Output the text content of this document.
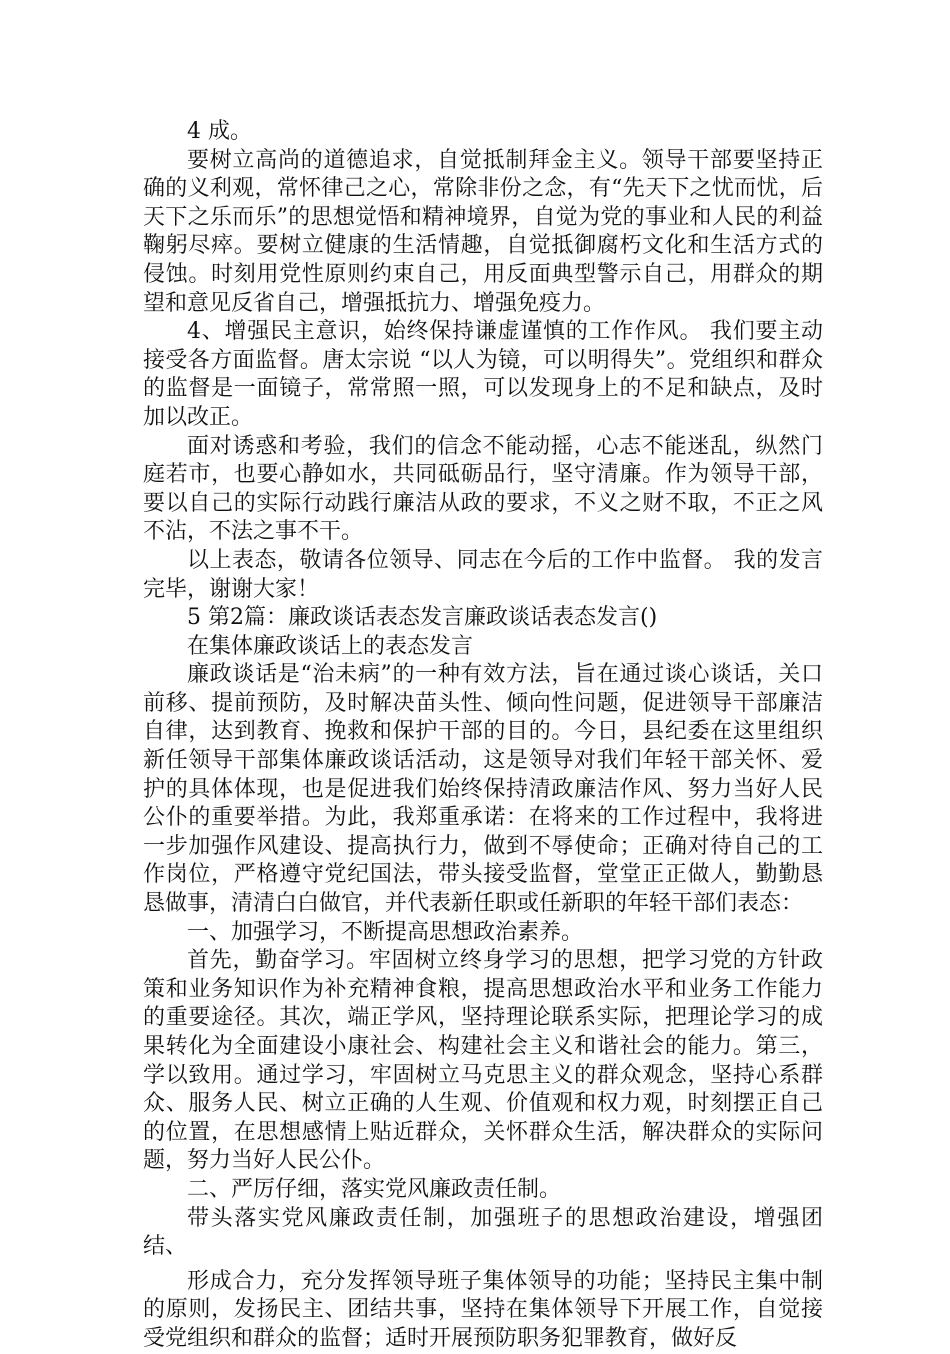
4 成。

要树立高尚的道德追求，自觉抵制拜金主义。领导干部要坚持正确的义利观，常怀律己之心，常除非份之念，有“先天下之忧而忧，后天下之乐而乐”的思想觉悟和精神境界，自觉为党的事业和人民的利益鞠躬尽瘁。要树立健康的生活情趣，自觉抵御腐朽文化和生活方式的侵蚀。时刻用党性原则约束自己，用反面典型警示自己，用群众的期望和意见反省自己，增强抵抗力、增强免疫力。

4、增强民主意识，始终保持谦虚谨慎的工作作风。 我们要主动接受各方面监督。唐太宗说 “以人为镜，可以明得失”。党组织和群众的监督是一面镜子，常常照一照，可以发现身上的不足和缺点，及时加以改正。

面对诱惑和考验，我们的信念不能动摇，心志不能迷乱，纵然门庭若市，也要心静如水，共同砥砺品行，坚守清廉。作为领导干部，要以自己的实际行动践行廉洁从政的要求，不义之财不取，不正之风不沾，不法之事不干。

以上表态，敬请各位领导、同志在今后的工作中监督。 我的发言完毕，谢谢大家！

5 第2篇：廉政谈话表态发言廉政谈话表态发言()

在集体廉政谈话上的表态发言

廉政谈话是“治未病”的一种有效方法，旨在通过谈心谈话，关口前移、提前预防，及时解决苗头性、倾向性问题，促进领导干部廉洁自律，达到教育、挽救和保护干部的目的。今日，县纪委在这里组织新任领导干部集体廉政谈话活动，这是领导对我们年轻干部关怀、爱护的具体体现，也是促进我们始终保持清政廉洁作风、努力当好人民公仆的重要举措。为此，我郑重承诺：在将来的工作过程中，我将进一步加强作风建设、提高执行力，做到不辱使命；正确对待自己的工作岗位，严格遵守党纪国法，带头接受监督，堂堂正正做人，勤勤恳恳做事，清清白白做官，并代表新任职或任新职的年轻干部们表态：

一、加强学习，不断提高思想政治素养。

首先，勤奋学习。牢固树立终身学习的思想，把学习党的方针政策和业务知识作为补充精神食粮，提高思想政治水平和业务工作能力的重要途径。其次，端正学风，坚持理论联系实际，把理论学习的成果转化为全面建设小康社会、构建社会主义和谐社会的能力。第三，学以致用。通过学习，牢固树立马克思主义的群众观念，坚持心系群众、服务人民、树立正确的人生观、价值观和权力观，时刻摆正自己的位置，在思想感情上贴近群众，关怀群众生活，解决群众的实际问题，努力当好人民公仆。

二、严厉仔细，落实党风廉政责任制。

带头落实党风廉政责任制，加强班子的思想政治建设，增强团结、

形成合力，充分发挥领导班子集体领导的功能；坚持民主集中制的原则，发扬民主、团结共事，坚持在集体领导下开展工作，自觉接受党组织和群众的监督；适时开展预防职务犯罪教育，做好反
